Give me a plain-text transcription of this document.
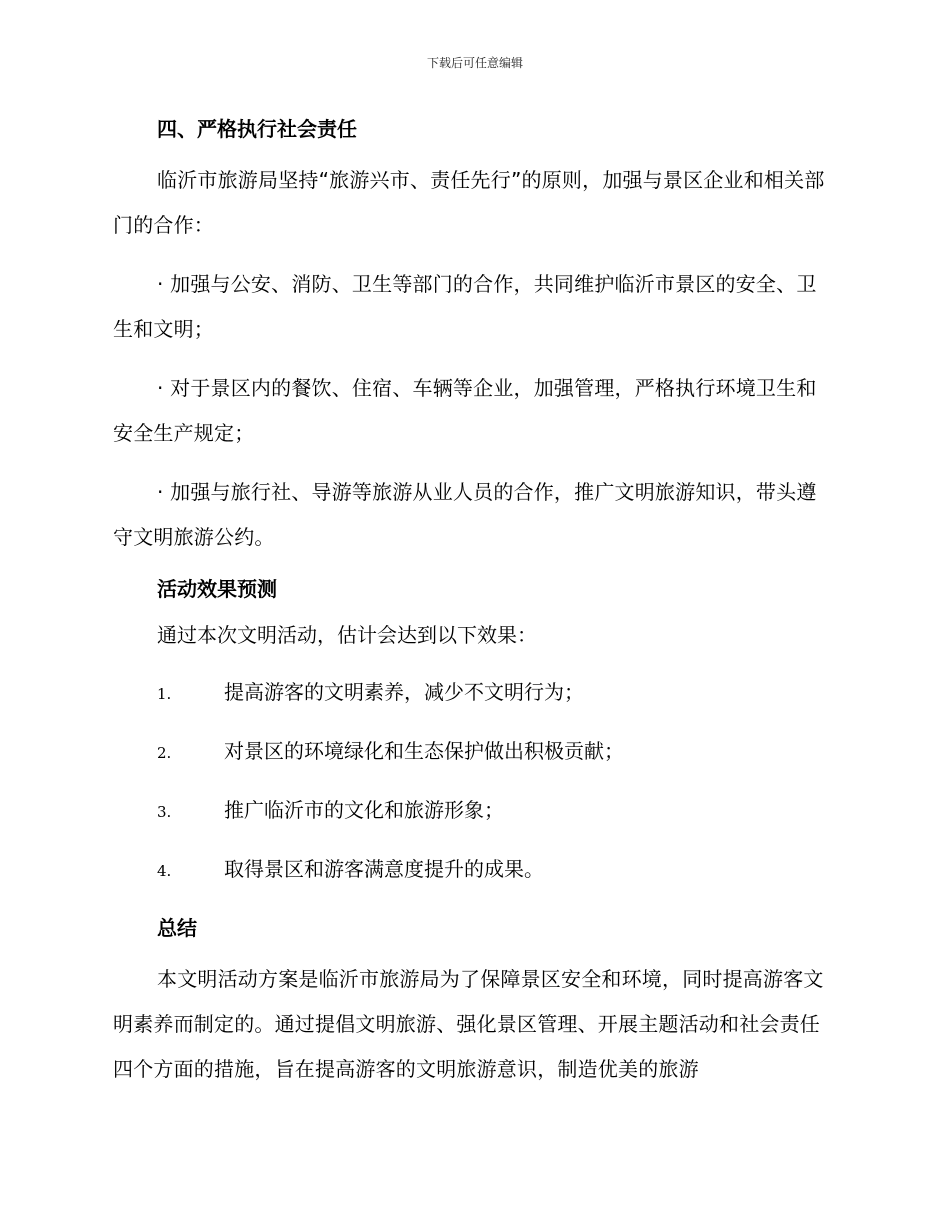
下载后可任意编辑
四、严格执行社会责任

临沂市旅游局坚持“旅游兴市、责任先行”的原则，加强与景区企业和相关部门的合作：

· 加强与公安、消防、卫生等部门的合作，共同维护临沂市景区的安全、卫生和文明；

· 对于景区内的餐饮、住宿、车辆等企业，加强管理，严格执行环境卫生和安全生产规定；

· 加强与旅行社、导游等旅游从业人员的合作，推广文明旅游知识，带头遵守文明旅游公约。

活动效果预测
通过本次文明活动，估计会达到以下效果：
1.	提高游客的文明素养，减少不文明行为；
2.	对景区的环境绿化和生态保护做出积极贡献；
3.	推广临沂市的文化和旅游形象；
4.	取得景区和游客满意度提升的成果。
总结

本文明活动方案是临沂市旅游局为了保障景区安全和环境，同时提高游客文明素养而制定的。通过提倡文明旅游、强化景区管理、开展主题活动和社会责任四个方面的措施，旨在提高游客的文明旅游意识，制造优美的旅游
